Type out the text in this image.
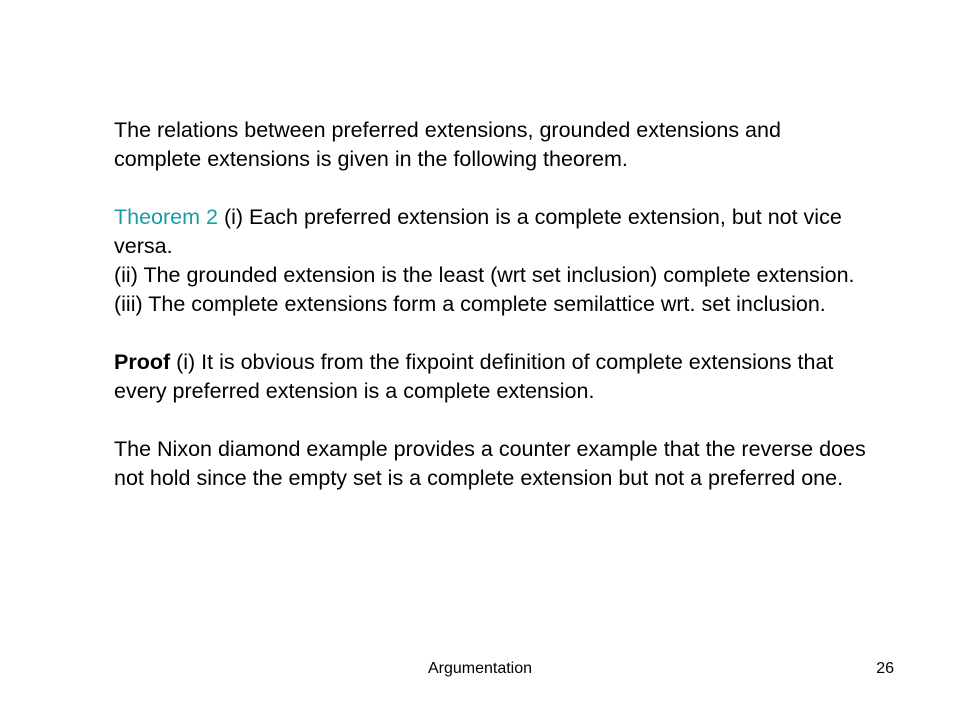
The relations between preferred extensions, grounded extensions and complete extensions is given in the following theorem.

Theorem 2 (i) Each preferred extension is a complete extension, but not vice versa.
(ii) The grounded extension is the least (wrt set inclusion) complete extension.
(iii) The complete extensions form a complete semilattice wrt. set inclusion.

Proof (i) It is obvious from the fixpoint definition of complete extensions that every preferred extension is a complete extension.

The Nixon diamond example provides a counter example that the reverse does not hold since the empty set is a complete extension but not a preferred one.

Argumentation	26
